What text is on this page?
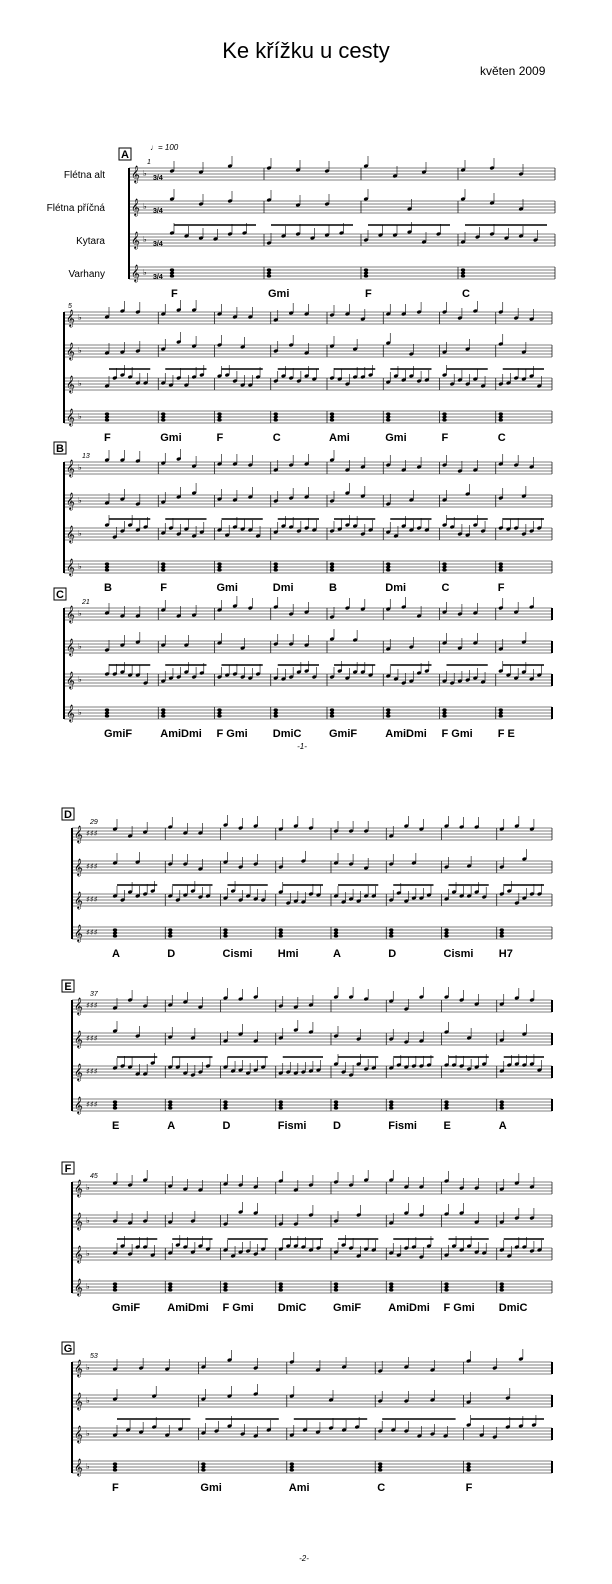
Ke křížku u cesty
květen 2009
♩= 100
Flétna alt
Flétna příčná
Kytara
Varhany
A
1
𝄞 ♭
3/4
𝄞 ♭
3/4
𝄞 ♭
3/4
𝄞 ♭
3/4
F	Gmi	F	C
5
𝄞 ♭
𝄞 ♭
𝄞 ♭
𝄞 ♭
F	Gmi	F	C	Ami	Gmi	F	C
B
13
𝄞 ♭
𝄞 ♭
𝄞 ♭
𝄞 ♭
B	F	Gmi	Dmi	B	Dmi	C	F
C
21
𝄞 ♭
𝄞 ♭
𝄞 ♭
𝄞 ♭
GmiF	AmiDmi F Gmi DmiC	GmiF	AmiDmi F Gmi F E
D
29
𝄞 ♯♯♯
𝄞 ♯♯♯
𝄞 ♯♯♯
𝄞 ♯♯♯
A	D	Cismi Hmi	A	D	Cismi H7
E
37
𝄞 ♯♯♯
𝄞 ♯♯♯
𝄞 ♯♯♯
𝄞 ♯♯♯
E	A	D	Fismi D	Fismi E	A
F
45
𝄞 ♭
𝄞 ♭
𝄞 ♭
𝄞 ♭
GmiF AmiDmi F Gmi DmiC GmiF AmiDmi F Gmi DmiC
G
53
𝄞 ♭
𝄞 ♭
𝄞 ♭
𝄞 ♭
F	Gmi	Ami	C	F
-1-
-2-
